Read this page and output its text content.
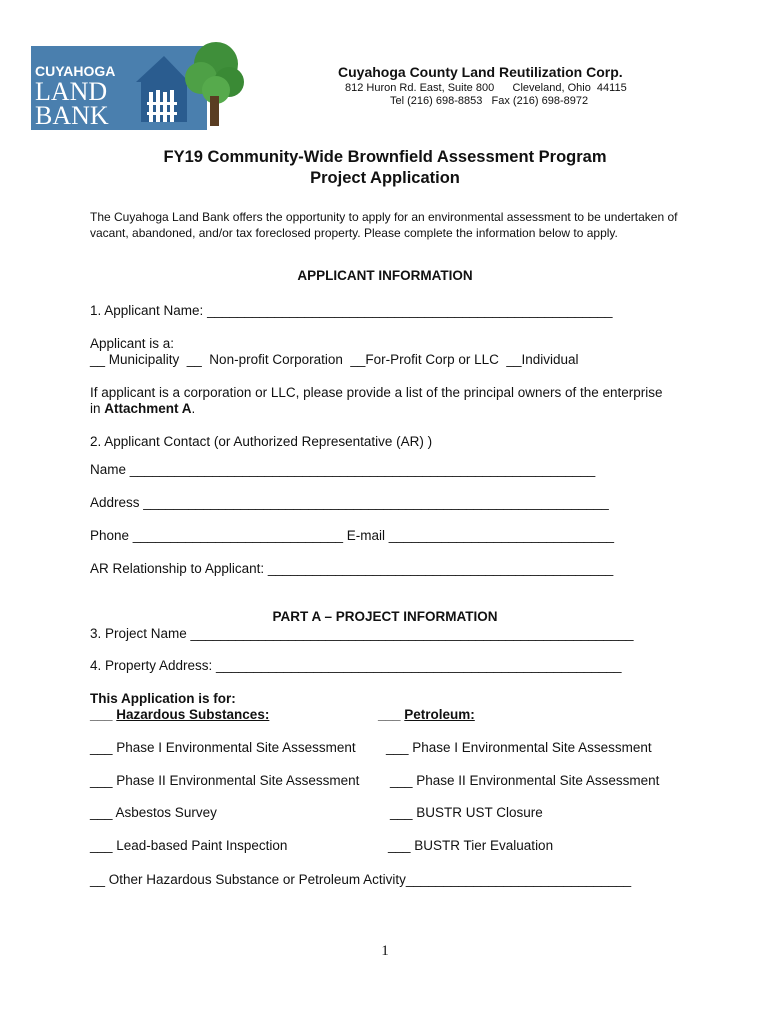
CUYAHOGA
LAND
BANK
Cuyahoga County Land Reutilization Corp.
812 Huron Rd. East, Suite 800      Cleveland, Ohio  44115
Tel (216) 698-8853   Fax (216) 698-8972
FY19 Community-Wide Brownfield Assessment Program
Project Application
The Cuyahoga Land Bank offers the opportunity to apply for an environmental assessment to be undertaken of vacant, abandoned, and/or tax foreclosed property. Please complete the information below to apply.
APPLICANT INFORMATION
1. Applicant Name: ______________________________________________________
Applicant is a:
__ Municipality  __  Non-profit Corporation  __For-Profit Corp or LLC  __Individual
If applicant is a corporation or LLC, please provide a list of the principal owners of the enterprise
in Attachment A.
2. Applicant Contact (or Authorized Representative (AR) )
Name ______________________________________________________________
Address ______________________________________________________________
Phone ____________________________ E-mail ______________________________
AR Relationship to Applicant: ______________________________________________
PART A – PROJECT INFORMATION
3. Project Name ___________________________________________________________
4. Property Address: ______________________________________________________
This Application is for:
___ Hazardous Substances:	___ Petroleum:
___ Phase I Environmental Site Assessment
___ Phase II Environmental Site Assessment
___ Asbestos Survey
___ Lead-based Paint Inspection
___ Phase I Environmental Site Assessment
___ Phase II Environmental Site Assessment
___ BUSTR UST Closure
___ BUSTR Tier Evaluation
__ Other Hazardous Substance or Petroleum Activity______________________________
1
